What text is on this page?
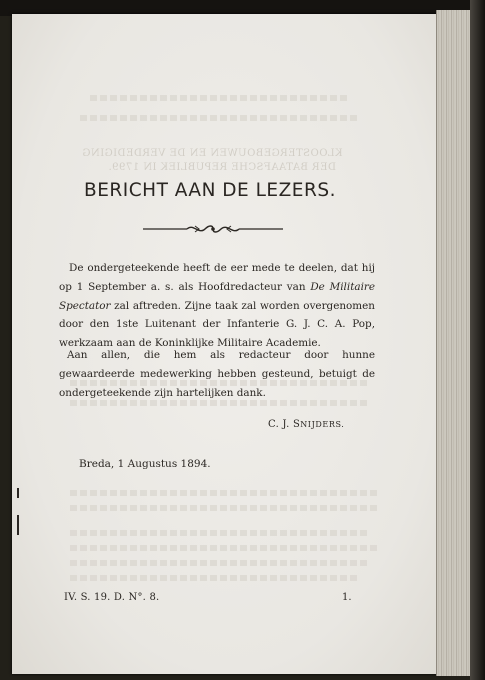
KLOOSTERGEBOUWEN EN DE VERDEDIGING
DER BATAAFSCHE REPUBLIEK IN 1799.
BERICHT AAN DE LEZERS.

De ondergeteekende heeft de eer mede te deelen, dat hij op 1 September a. s. als Hoofdredacteur van De Militaire Spectator zal aftreden. Zijne taak zal worden overgenomen door den 1ste Luitenant der Infanterie G. J. C. A. Pop, werkzaam aan de Koninklijke Militaire Academie.

Aan allen, die hem als redacteur door hunne gewaardeerde medewerking hebben gesteund, betuigt de ondergeteekende zijn hartelijken dank.

C. J. SNIJDERS.
Breda, 1 Augustus 1894.
IV. S. 19. D. N°. 8.	1.
